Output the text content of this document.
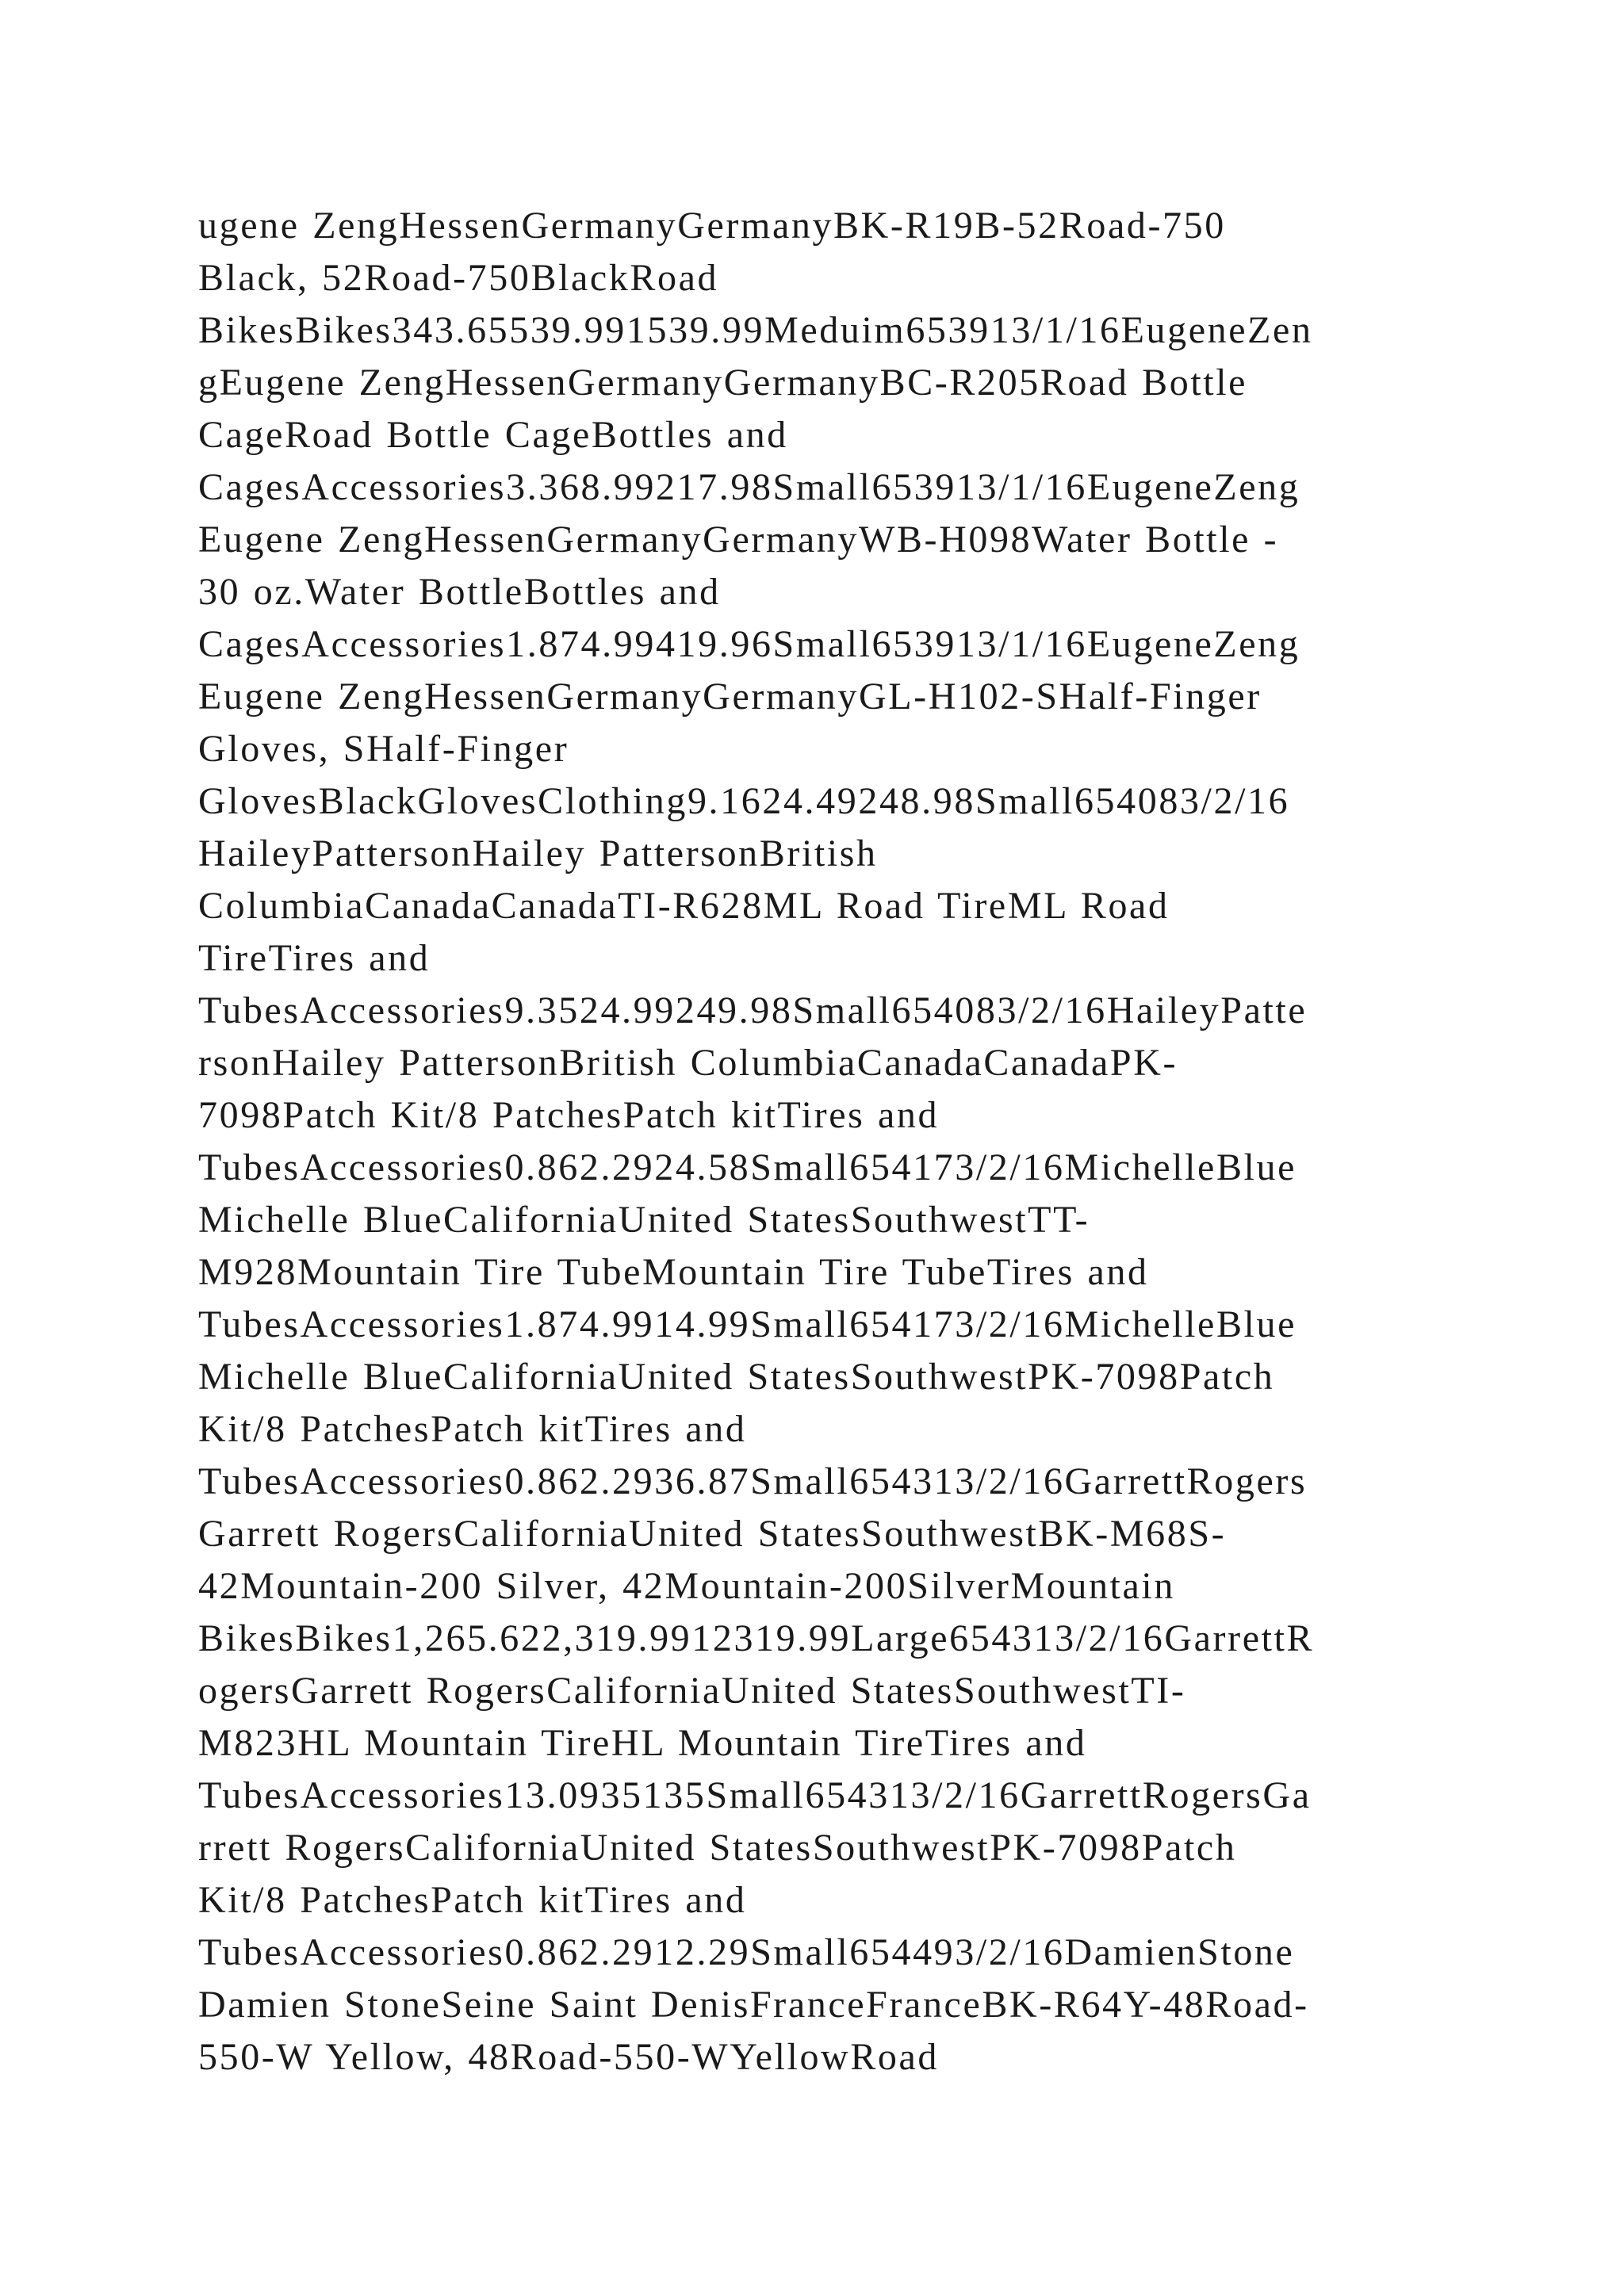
ugene ZengHessenGermanyGermanyBK-R19B-52Road-750

Black, 52Road-750BlackRoad

BikesBikes343.65539.991539.99Meduim653913/1/16EugeneZen

gEugene ZengHessenGermanyGermanyBC-R205Road Bottle

CageRoad Bottle CageBottles and

CagesAccessories3.368.99217.98Small653913/1/16EugeneZeng

Eugene ZengHessenGermanyGermanyWB-H098Water Bottle -

30 oz.Water BottleBottles and

CagesAccessories1.874.99419.96Small653913/1/16EugeneZeng

Eugene ZengHessenGermanyGermanyGL-H102-SHalf-Finger

Gloves, SHalf-Finger

GlovesBlackGlovesClothing9.1624.49248.98Small654083/2/16

HaileyPattersonHailey PattersonBritish

ColumbiaCanadaCanadaTI-R628ML Road TireML Road

TireTires and

TubesAccessories9.3524.99249.98Small654083/2/16HaileyPatte

rsonHailey PattersonBritish ColumbiaCanadaCanadaPK-

7098Patch Kit/8 PatchesPatch kitTires and

TubesAccessories0.862.2924.58Small654173/2/16MichelleBlue

Michelle BlueCaliforniaUnited StatesSouthwestTT-

M928Mountain Tire TubeMountain Tire TubeTires and

TubesAccessories1.874.9914.99Small654173/2/16MichelleBlue

Michelle BlueCaliforniaUnited StatesSouthwestPK-7098Patch

Kit/8 PatchesPatch kitTires and

TubesAccessories0.862.2936.87Small654313/2/16GarrettRogers

Garrett RogersCaliforniaUnited StatesSouthwestBK-M68S-

42Mountain-200 Silver, 42Mountain-200SilverMountain

BikesBikes1,265.622,319.9912319.99Large654313/2/16GarrettR

ogersGarrett RogersCaliforniaUnited StatesSouthwestTI-

M823HL Mountain TireHL Mountain TireTires and

TubesAccessories13.0935135Small654313/2/16GarrettRogersGa

rrett RogersCaliforniaUnited StatesSouthwestPK-7098Patch

Kit/8 PatchesPatch kitTires and

TubesAccessories0.862.2912.29Small654493/2/16DamienStone

Damien StoneSeine Saint DenisFranceFranceBK-R64Y-48Road-

550-W Yellow, 48Road-550-WYellowRoad
